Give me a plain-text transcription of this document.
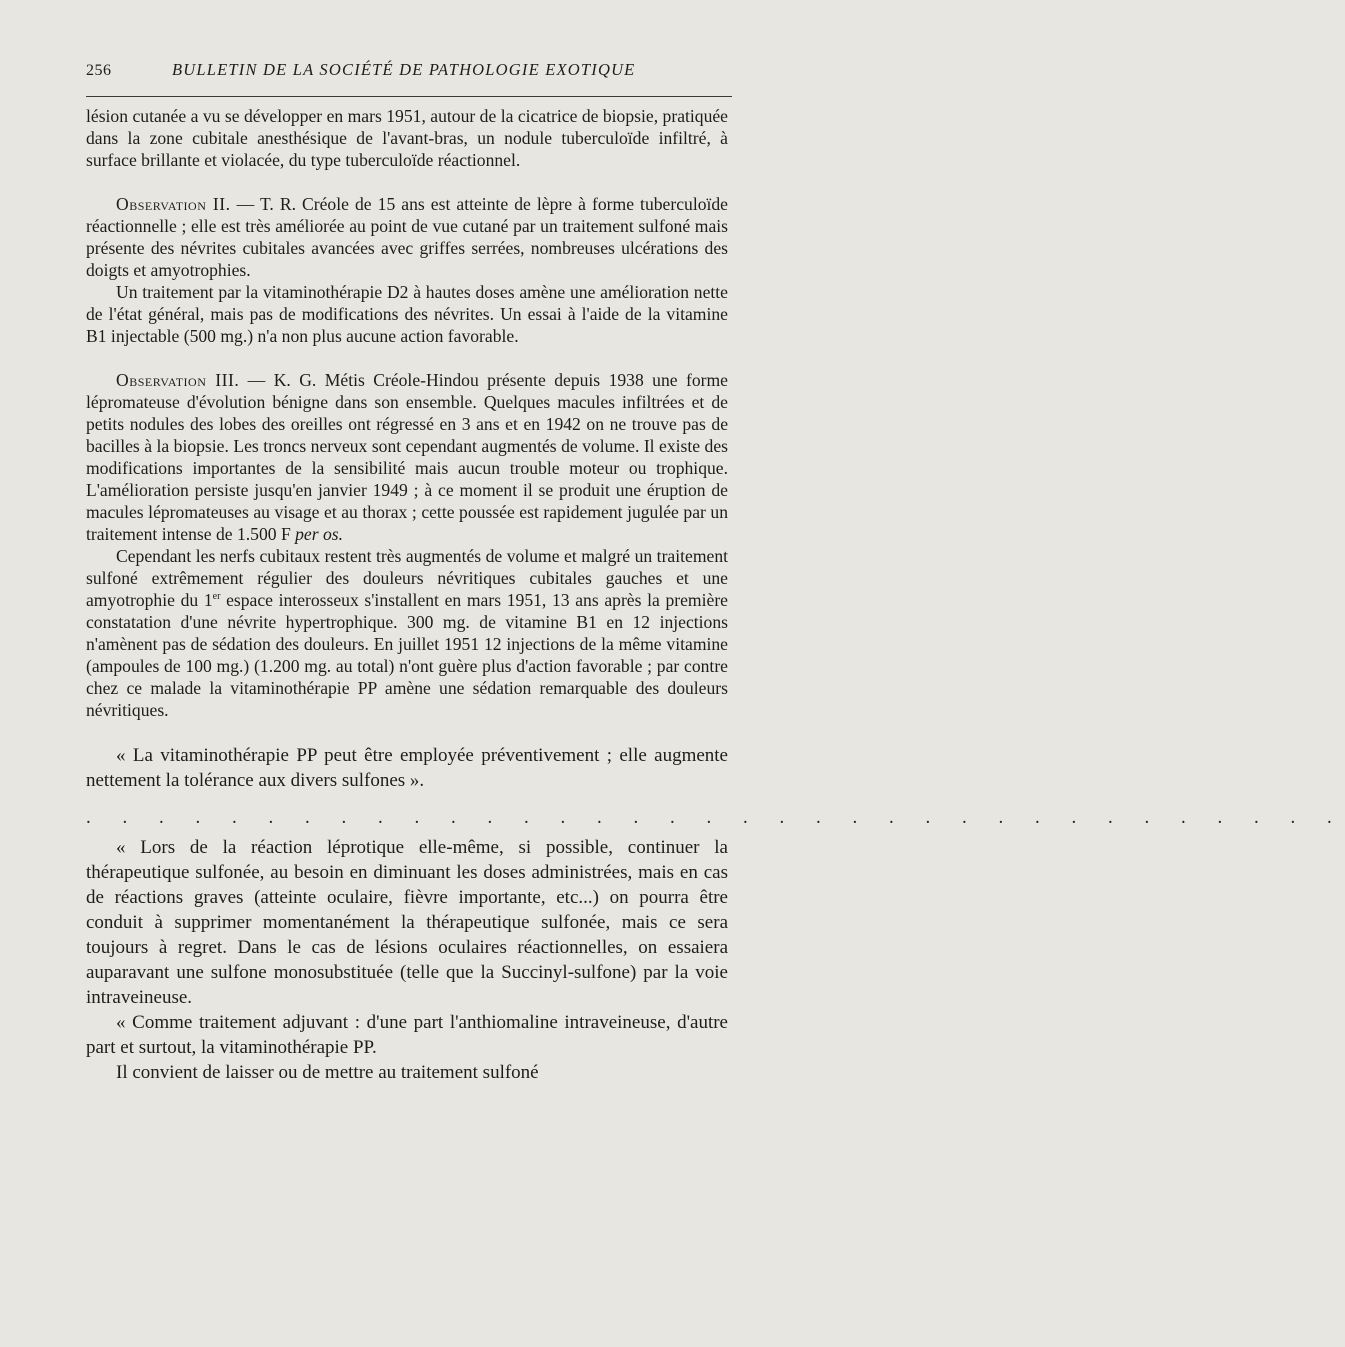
256	BULLETIN DE LA SOCIÉTÉ DE PATHOLOGIE EXOTIQUE

lésion cutanée a vu se développer en mars 1951, autour de la cicatrice de biopsie, pratiquée dans la zone cubitale anesthésique de l'avant-bras, un nodule tuberculoïde infiltré, à surface brillante et violacée, du type tuberculoïde réactionnel.

Observation II. — T. R. Créole de 15 ans est atteinte de lèpre à forme tuberculoïde réactionnelle ; elle est très améliorée au point de vue cutané par un traitement sulfoné mais présente des névrites cubitales avancées avec griffes serrées, nombreuses ulcérations des doigts et amyotrophies.

Un traitement par la vitaminothérapie D2 à hautes doses amène une amélioration nette de l'état général, mais pas de modifications des névrites. Un essai à l'aide de la vitamine B1 injectable (500 mg.) n'a non plus aucune action favorable.

Observation III. — K. G. Métis Créole-Hindou présente depuis 1938 une forme lépromateuse d'évolution bénigne dans son ensemble. Quelques macules infiltrées et de petits nodules des lobes des oreilles ont régressé en 3 ans et en 1942 on ne trouve pas de bacilles à la biopsie. Les troncs nerveux sont cependant augmentés de volume. Il existe des modifications importantes de la sensibilité mais aucun trouble moteur ou trophique. L'amélioration persiste jusqu'en janvier 1949 ; à ce moment il se produit une éruption de macules lépromateuses au visage et au thorax ; cette poussée est rapidement jugulée par un traitement intense de 1.500 F per os.

Cependant les nerfs cubitaux restent très augmentés de volume et malgré un traitement sulfoné extrêmement régulier des douleurs névritiques cubitales gauches et une amyotrophie du 1er espace interosseux s'installent en mars 1951, 13 ans après la première constatation d'une névrite hypertrophique. 300 mg. de vitamine B1 en 12 injections n'amènent pas de sédation des douleurs. En juillet 1951 12 injections de la même vitamine (ampoules de 100 mg.) (1.200 mg. au total) n'ont guère plus d'action favorable ; par contre chez ce malade la vitaminothérapie PP amène une sédation remarquable des douleurs névritiques.

« La vitaminothérapie PP peut être employée préventivement ; elle augmente nettement la tolérance aux divers sulfones ».

. . . . . . . . . . . . . . . . . . . . . . . . . . . . . . . . . . .

« Lors de la réaction léprotique elle-même, si possible, continuer la thérapeutique sulfonée, au besoin en diminuant les doses administrées, mais en cas de réactions graves (atteinte oculaire, fièvre importante, etc...) on pourra être conduit à supprimer momentanément la thérapeutique sulfonée, mais ce sera toujours à regret. Dans le cas de lésions oculaires réactionnelles, on essaiera auparavant une sulfone monosubstituée (telle que la Succinyl-sulfone) par la voie intraveineuse.

« Comme traitement adjuvant : d'une part l'anthiomaline intraveineuse, d'autre part et surtout, la vitaminothérapie PP.

Il convient de laisser ou de mettre au traitement sulfoné
